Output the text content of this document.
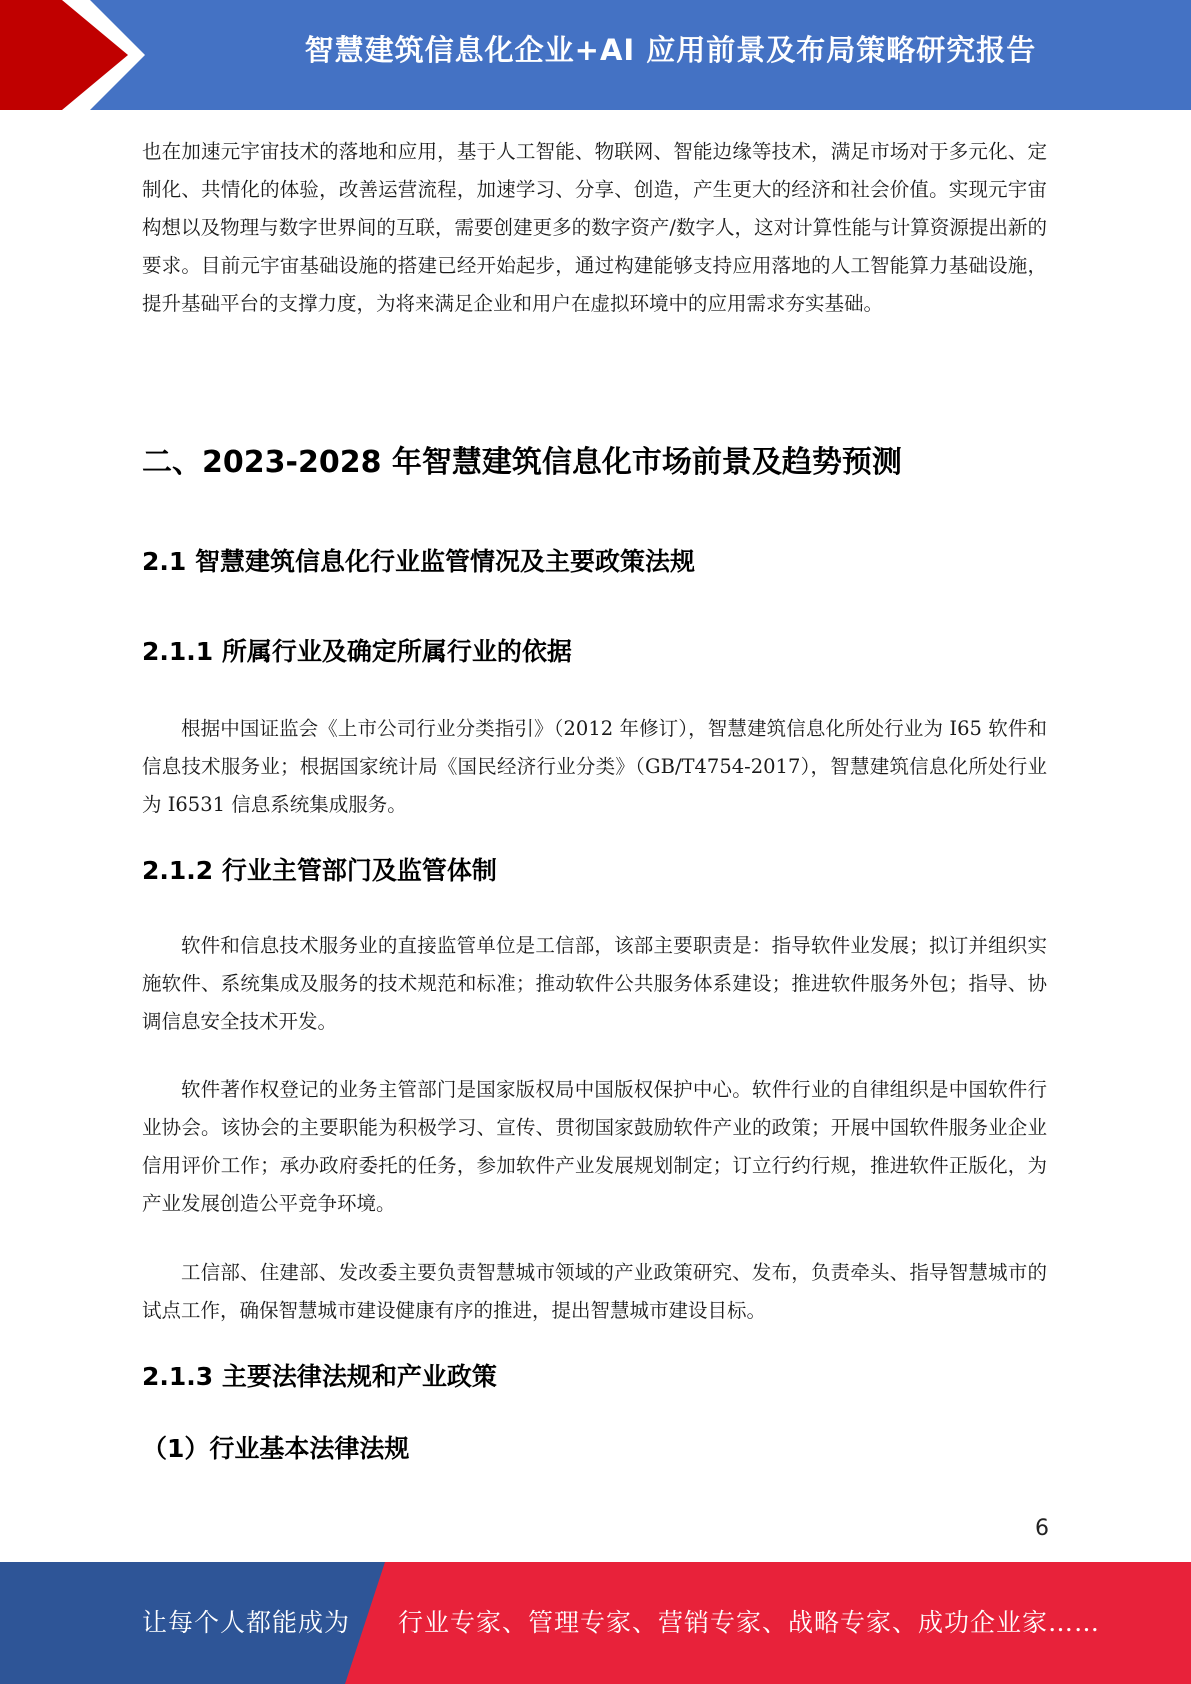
智慧建筑信息化企业+AI 应用前景及布局策略研究报告

也在加速元宇宙技术的落地和应用，基于人工智能、物联网、智能边缘等技术，满足市场对于多元化、定制化、共情化的体验，改善运营流程，加速学习、分享、创造，产生更大的经济和社会价值。实现元宇宙构想以及物理与数字世界间的互联，需要创建更多的数字资产/数字人，这对计算性能与计算资源提出新的要求。目前元宇宙基础设施的搭建已经开始起步，通过构建能够支持应用落地的人工智能算力基础设施，提升基础平台的支撑力度，为将来满足企业和用户在虚拟环境中的应用需求夯实基础。

二、2023-2028 年智慧建筑信息化市场前景及趋势预测
2.1 智慧建筑信息化行业监管情况及主要政策法规
2.1.1 所属行业及确定所属行业的依据

根据中国证监会《上市公司行业分类指引》（2012 年修订），智慧建筑信息化所处行业为 I65 软件和信息技术服务业；根据国家统计局《国民经济行业分类》（GB/T4754-2017），智慧建筑信息化所处行业为 I6531 信息系统集成服务。

2.1.2 行业主管部门及监管体制

软件和信息技术服务业的直接监管单位是工信部，该部主要职责是：指导软件业发展；拟订并组织实施软件、系统集成及服务的技术规范和标准；推动软件公共服务体系建设；推进软件服务外包；指导、协调信息安全技术开发。

软件著作权登记的业务主管部门是国家版权局中国版权保护中心。软件行业的自律组织是中国软件行业协会。该协会的主要职能为积极学习、宣传、贯彻国家鼓励软件产业的政策；开展中国软件服务业企业信用评价工作；承办政府委托的任务，参加软件产业发展规划制定；订立行约行规，推进软件正版化，为产业发展创造公平竞争环境。

工信部、住建部、发改委主要负责智慧城市领域的产业政策研究、发布，负责牵头、指导智慧城市的试点工作，确保智慧城市建设健康有序的推进，提出智慧城市建设目标。

2.1.3 主要法律法规和产业政策
（1）行业基本法律法规
6
让每个人都能成为 行业专家、管理专家、营销专家、战略专家、成功企业家……
